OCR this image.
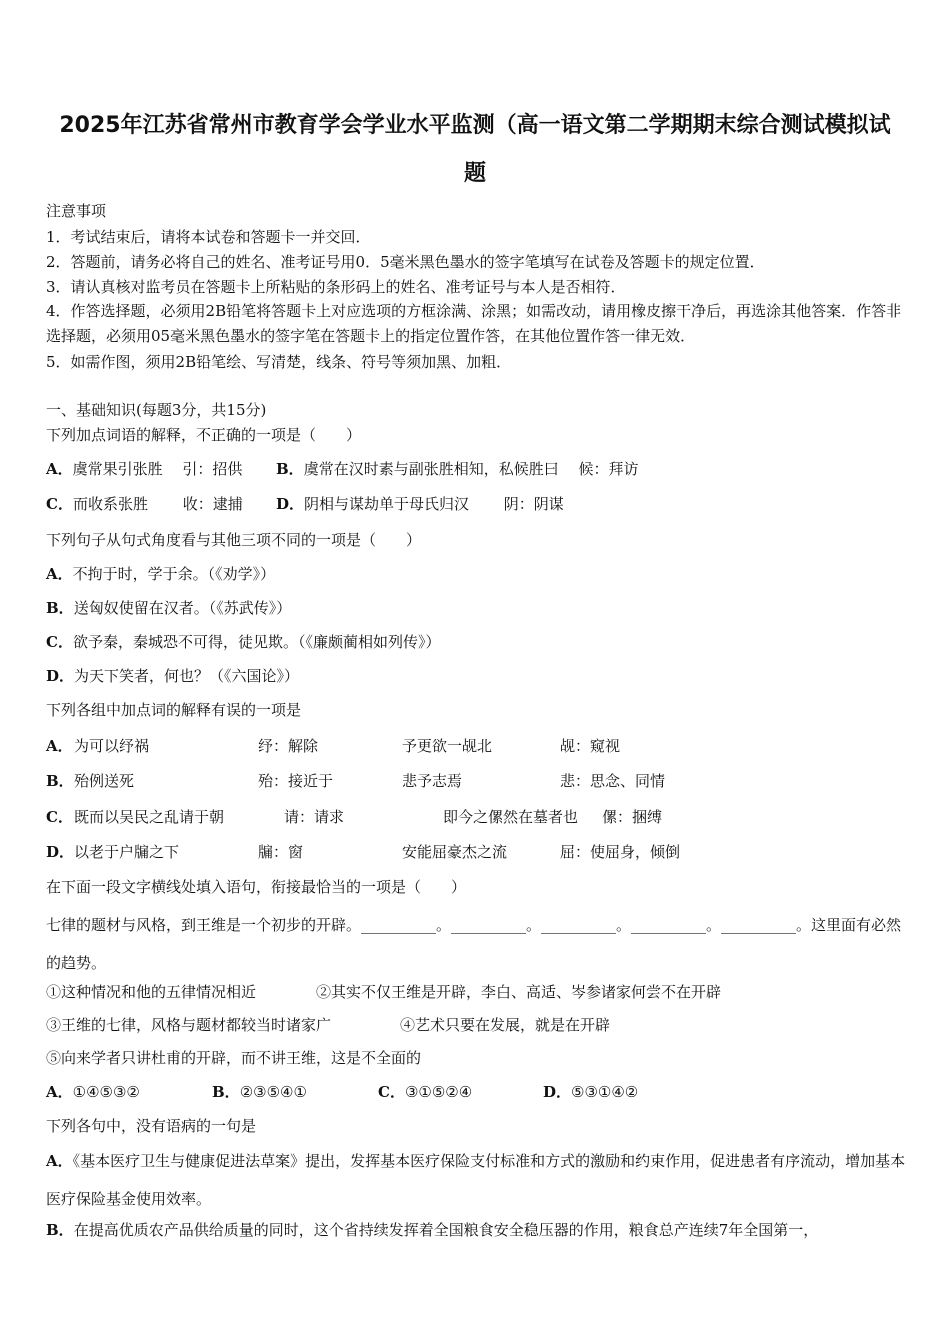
2025年江苏省常州市教育学会学业水平监测（高一语文第二学期期末综合测试模拟试
题
注意事项
1．考试结束后，请将本试卷和答题卡一并交回．
2．答题前，请务必将自己的姓名、准考证号用0．5毫米黑色墨水的签字笔填写在试卷及答题卡的规定位置．
3．请认真核对监考员在答题卡上所粘贴的条形码上的姓名、准考证号与本人是否相符．
4．作答选择题，必须用2B铅笔将答题卡上对应选项的方框涂满、涂黑；如需改动，请用橡皮擦干净后，再选涂其他答案．作答非选择题，必须用05毫米黑色墨水的签字笔在答题卡上的指定位置作答，在其他位置作答一律无效．
5．如需作图，须用2B铅笔绘、写清楚，线条、符号等须加黑、加粗．
一、基础知识(每题3分，共15分)
下列加点词语的解释，不正确的一项是（　　）
A．虞常果引张胜　 引：招供 B．虞常在汉时素与副张胜相知，私候胜曰　 候：拜访
C．而收系张胜　　 收：逮捕 D．阴相与谋劫单于母氏归汉　　 阴：阴谋
下列句子从句式角度看与其他三项不同的一项是（　　）
A．不拘于时，学于余。（《劝学》）
B．送匈奴使留在汉者。（《苏武传》）
C．欲予秦，秦城恐不可得，徒见欺。（《廉颇蔺相如列传》）
D．为天下笑者，何也？（《六国论》）
下列各组中加点词的解释有误的一项是
A． 为可以纾祸	纾：解除	予更欲一觇北	觇：窥视
B． 殆例送死	殆：接近于	悲予志焉	悲：思念、同情
C． 既而以吴民之乱请于朝	请：请求	即今之傫然在墓者也 傫：捆缚
D． 以老于户牖之下	牖：窗	安能屈豪杰之流	屈：使屈身，倾倒
在下面一段文字横线处填入语句，衔接最恰当的一项是（　　）
七律的题材与风格，到王维是一个初步的开辟。__________。__________。__________。__________。__________。这里面有必然的趋势。
①这种情况和他的五律情况相近	②其实不仅王维是开辟，李白、高适、岑参诸家何尝不在开辟
③王维的七律，风格与题材都较当时诸家广	④艺术只要在发展，就是在开辟
⑤向来学者只讲杜甫的开辟，而不讲王维，这是不全面的
A．①④⑤③②	B．②③⑤④①	C．③①⑤②④	D．⑤③①④②
下列各句中，没有语病的一句是
A．《基本医疗卫生与健康促进法草案》提出，发挥基本医疗保险支付标准和方式的激励和约束作用，促进患者有序流动，增加基本医疗保险基金使用效率。
B．在提高优质农产品供给质量的同时，这个省持续发挥着全国粮食安全稳压器的作用，粮食总产连续7年全国第一，
